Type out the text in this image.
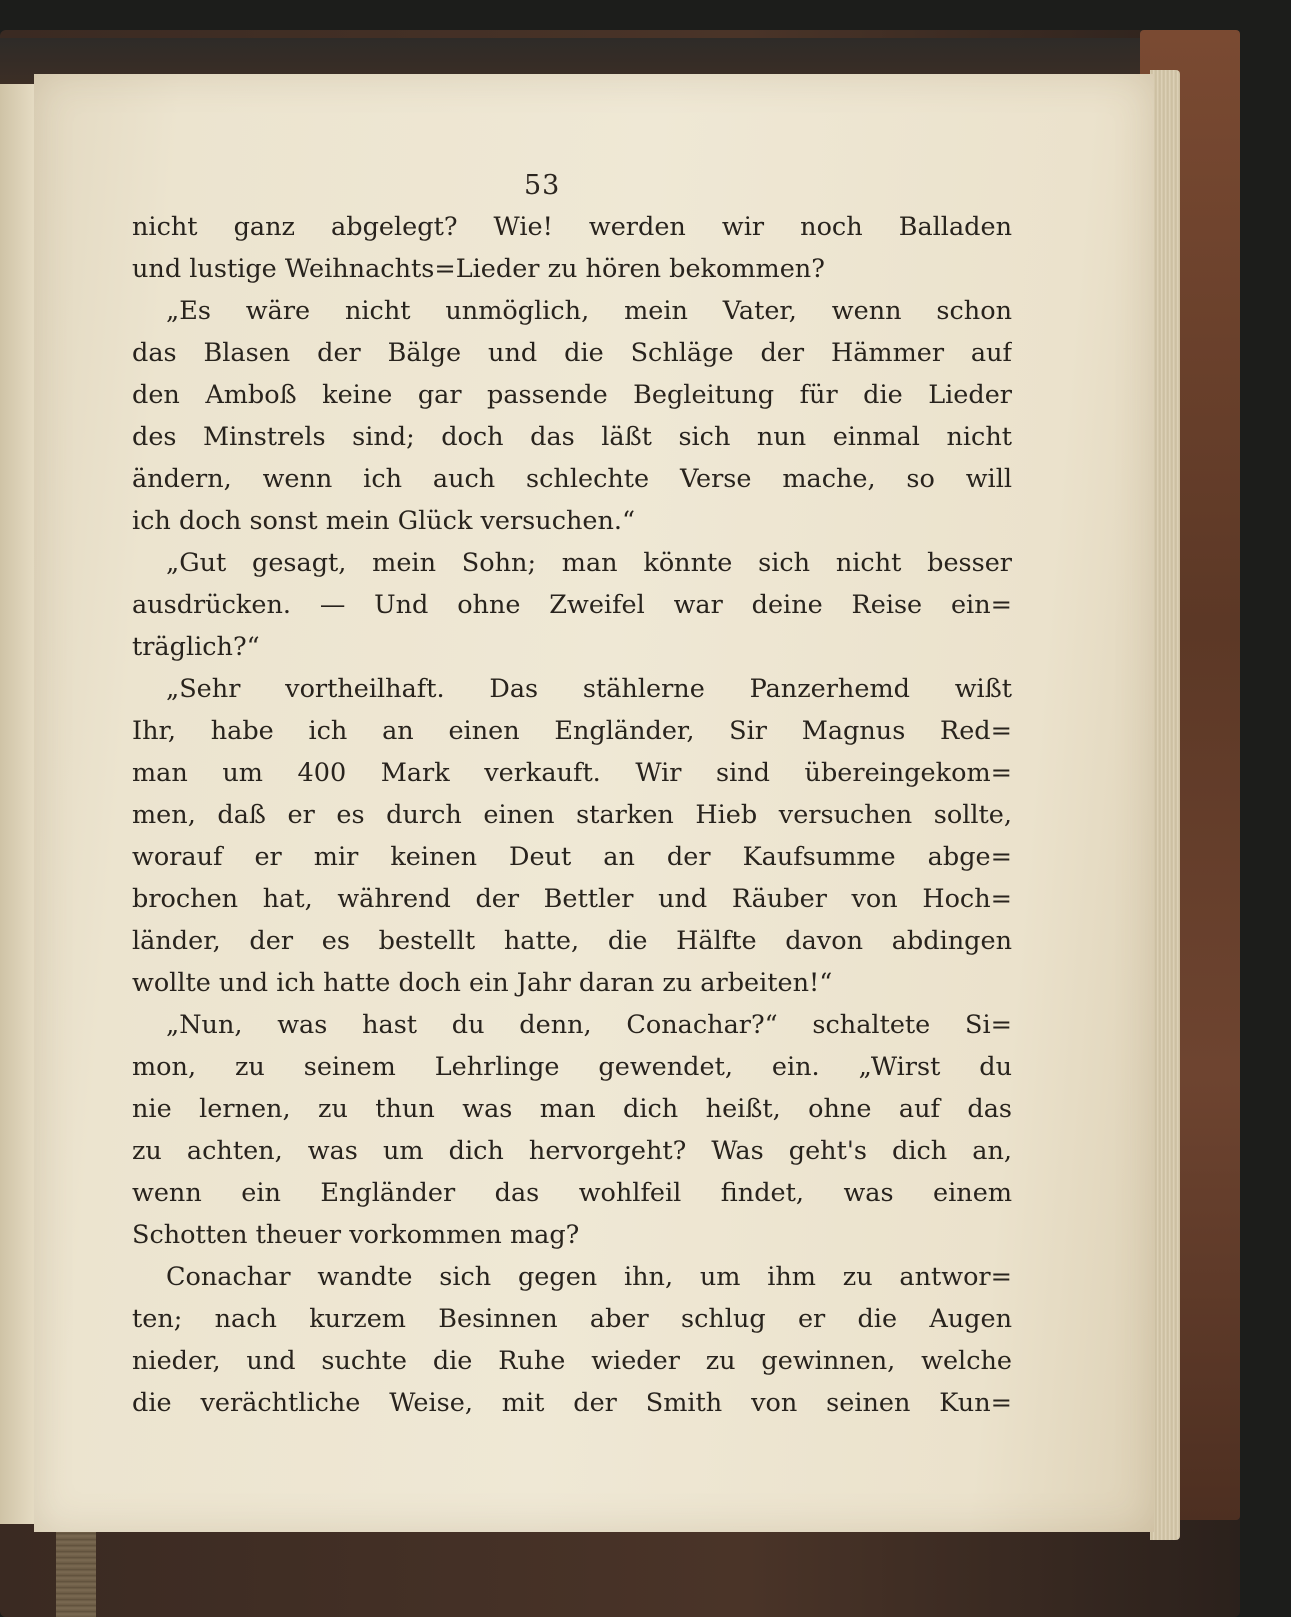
53

nicht ganz abgelegt? Wie! werden wir noch Balladen
und lustige Weihnachts=Lieder zu hören bekommen?
„Es wäre nicht unmöglich, mein Vater, wenn schon
das Blasen der Bälge und die Schläge der Hämmer auf
den Amboß keine gar passende Begleitung für die Lieder
des Minstrels sind; doch das läßt sich nun einmal nicht
ändern, wenn ich auch schlechte Verse mache, so will
ich doch sonst mein Glück versuchen.“
„Gut gesagt, mein Sohn; man könnte sich nicht besser
ausdrücken. — Und ohne Zweifel war deine Reise ein=
träglich?“
„Sehr vortheilhaft. Das stählerne Panzerhemd wißt
Ihr, habe ich an einen Engländer, Sir Magnus Red=
man um 400 Mark verkauft. Wir sind übereingekom=
men, daß er es durch einen starken Hieb versuchen sollte,
worauf er mir keinen Deut an der Kaufsumme abge=
brochen hat, während der Bettler und Räuber von Hoch=
länder, der es bestellt hatte, die Hälfte davon abdingen
wollte und ich hatte doch ein Jahr daran zu arbeiten!“
„Nun, was hast du denn, Conachar?“ schaltete Si=
mon, zu seinem Lehrlinge gewendet, ein. „Wirst du
nie lernen, zu thun was man dich heißt, ohne auf das
zu achten, was um dich hervorgeht? Was geht's dich an,
wenn ein Engländer das wohlfeil findet, was einem
Schotten theuer vorkommen mag?
Conachar wandte sich gegen ihn, um ihm zu antwor=
ten; nach kurzem Besinnen aber schlug er die Augen
nieder, und suchte die Ruhe wieder zu gewinnen, welche
die verächtliche Weise, mit der Smith von seinen Kun=
